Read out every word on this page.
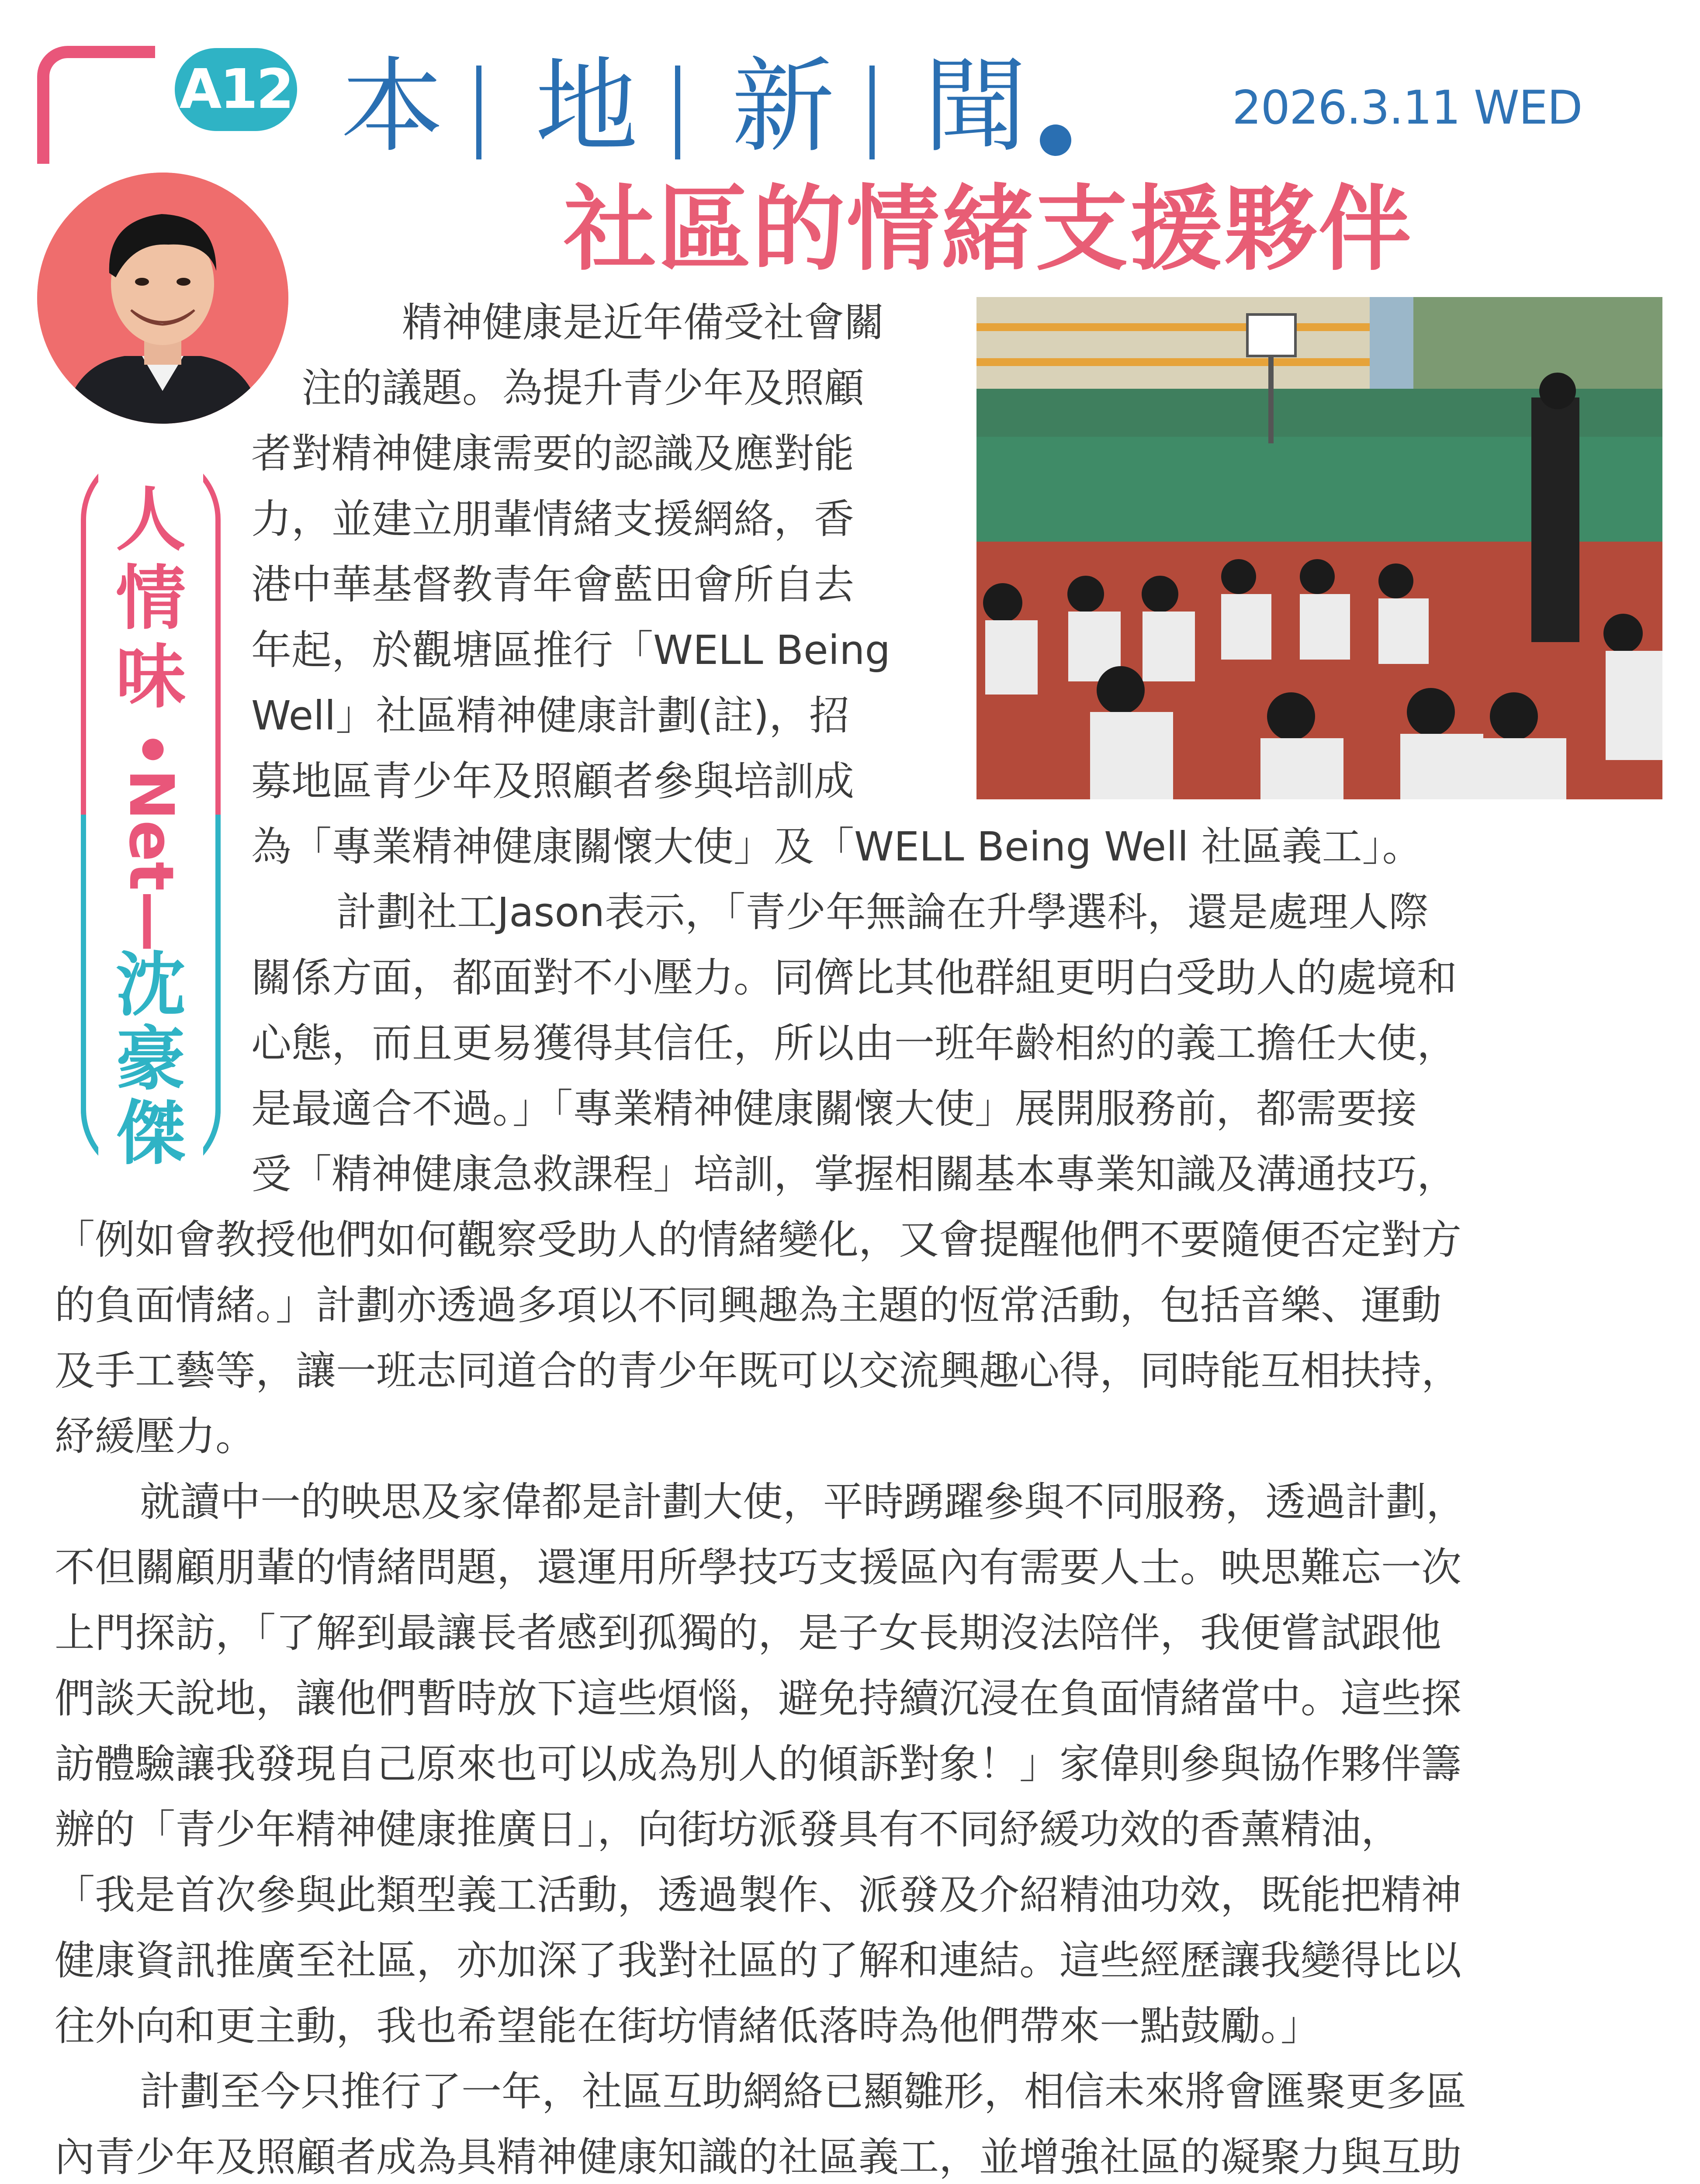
A12 本 地 新 聞	2026.3.11 WED
人
情
味
•Net—
沈
豪
傑
社區的情緒支援夥伴
精神健康是近年備受社會關
注的議題。為提升青少年及照顧
者對精神健康需要的認識及應對能
力，並建立朋輩情緒支援網絡，香
港中華基督教青年會藍田會所自去
年起，於觀塘區推行「WELL Being
Well」社區精神健康計劃(註)，招
募地區青少年及照顧者參與培訓成
為「專業精神健康關懷大使」及「WELL Being Well 社區義工」。
計劃社工Jason表示，「青少年無論在升學選科，還是處理人際
關係方面，都面對不小壓力。同儕比其他群組更明白受助人的處境和
心態，而且更易獲得其信任，所以由一班年齡相約的義工擔任大使，
是最適合不過。」「專業精神健康關懷大使」展開服務前，都需要接
受「精神健康急救課程」培訓，掌握相關基本專業知識及溝通技巧，
「例如會教授他們如何觀察受助人的情緒變化，又會提醒他們不要隨便否定對方
的負面情緒。」計劃亦透過多項以不同興趣為主題的恆常活動，包括音樂、運動
及手工藝等，讓一班志同道合的青少年既可以交流興趣心得，同時能互相扶持，
紓緩壓力。
就讀中一的映思及家偉都是計劃大使，平時踴躍參與不同服務，透過計劃，
不但關顧朋輩的情緒問題，還運用所學技巧支援區內有需要人士。映思難忘一次
上門探訪，「了解到最讓長者感到孤獨的，是子女長期沒法陪伴，我便嘗試跟他
們談天說地，讓他們暫時放下這些煩惱，避免持續沉浸在負面情緒當中。這些探
訪體驗讓我發現自己原來也可以成為別人的傾訴對象！」家偉則參與協作夥伴籌
辦的「青少年精神健康推廣日」，向街坊派發具有不同紓緩功效的香薰精油，
「我是首次參與此類型義工活動，透過製作、派發及介紹精油功效，既能把精神
健康資訊推廣至社區，亦加深了我對社區的了解和連結。這些經歷讓我變得比以
往外向和更主動，我也希望能在街坊情緒低落時為他們帶來一點鼓勵。」
計劃至今只推行了一年，社區互助網絡已顯雛形，相信未來將會匯聚更多區
內青少年及照顧者成為具精神健康知識的社區義工，並增強社區的凝聚力與互助
